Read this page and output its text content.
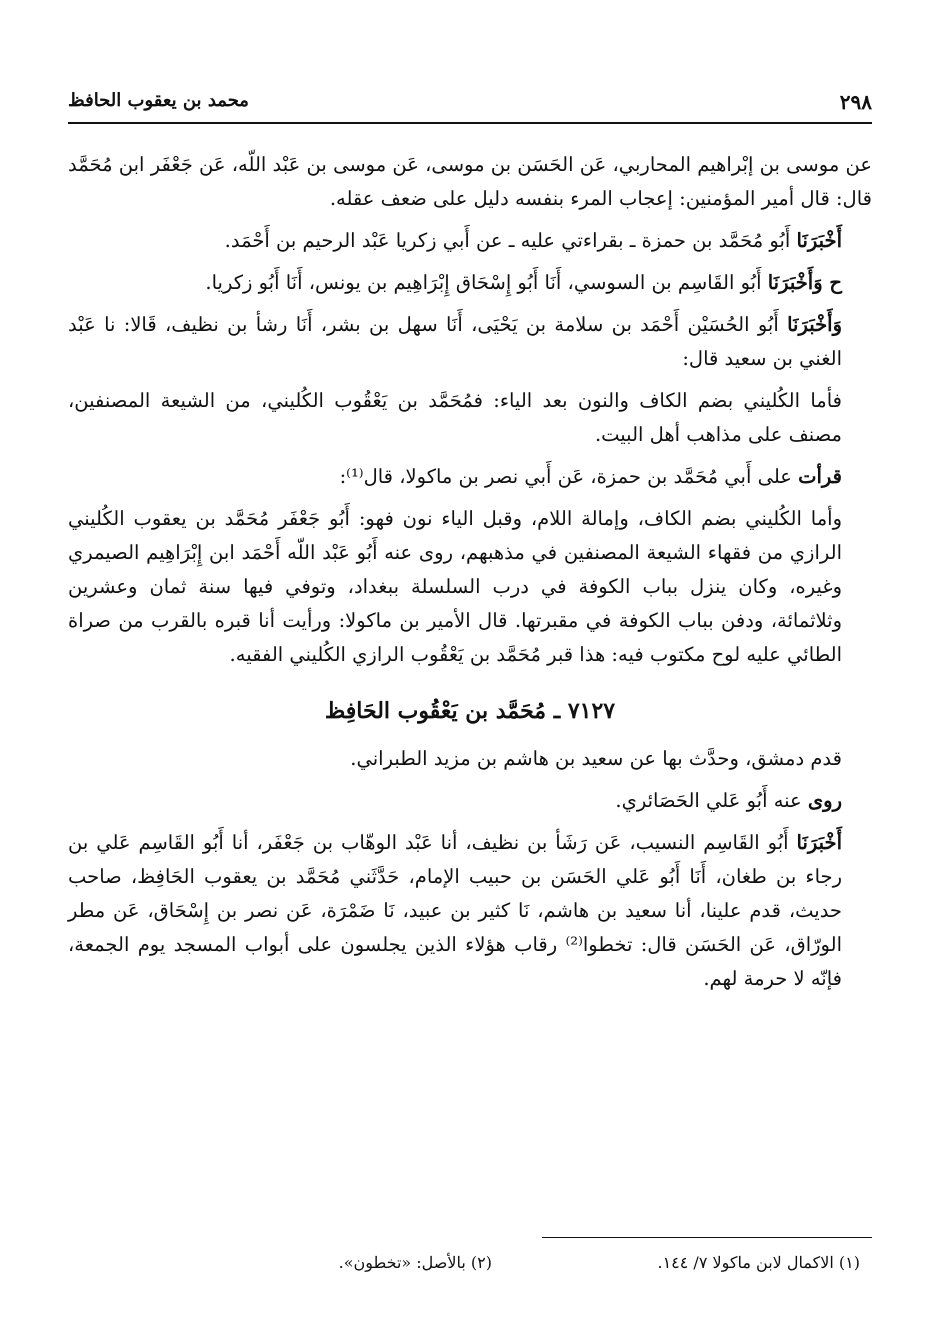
٢٩٨
محمد بن يعقوب الحافظ

عن موسى بن إبْراهيم المحاربي، عَن الحَسَن بن موسى، عَن موسى بن عَبْد اللّه، عَن جَعْفَر ابن مُحَمَّد قال: قال أمير المؤمنين: إعجاب المرء بنفسه دليل على ضعف عقله.

أَخْبَرَنَا أَبُو مُحَمَّد بن حمزة ـ بقراءتي عليه ـ عن أَبي زكريا عَبْد الرحيم بن أَحْمَد.

ح وَأَخْبَرَنَا أَبُو القَاسِم بن السوسي، أَنَا أَبُو إِسْحَاق إِبْرَاهِيم بن يونس، أَنَا أَبُو زكريا.

وَأَخْبَرَنَا أَبُو الحُسَيْن أَحْمَد بن سلامة بن يَحْيَى، أَنَا سهل بن بشر، أَنَا رشأ بن نظيف، قَالا: نا عَبْد الغني بن سعيد قال:

فأما الكُليني بضم الكاف والنون بعد الياء: فمُحَمَّد بن يَعْقُوب الكُليني، من الشيعة المصنفين، مصنف على مذاهب أهل البيت.

قرأت على أَبي مُحَمَّد بن حمزة، عَن أَبي نصر بن ماكولا، قال⁽¹⁾:

وأما الكُليني بضم الكاف، وإمالة اللام، وقبل الياء نون فهو: أَبُو جَعْفَر مُحَمَّد بن يعقوب الكُليني الرازي من فقهاء الشيعة المصنفين في مذهبهم، روى عنه أَبُو عَبْد اللّه أَحْمَد ابن إِبْرَاهِيم الصيمري وغيره، وكان ينزل بباب الكوفة في درب السلسلة ببغداد، وتوفي فيها سنة ثمان وعشرين وثلاثمائة، ودفن بباب الكوفة في مقبرتها. قال الأمير بن ماكولا: ورأيت أنا قبره بالقرب من صراة الطائي عليه لوح مكتوب فيه: هذا قبر مُحَمَّد بن يَعْقُوب الرازي الكُليني الفقيه.

٧١٢٧ ـ مُحَمَّد بن يَعْقُوب الحَافِظ

قدم دمشق، وحدَّث بها عن سعيد بن هاشم بن مزيد الطبراني.

روى عنه أَبُو عَلي الحَصَائري.

أَخْبَرَنَا أَبُو القَاسِم النسيب، عَن رَشَأ بن نظيف، أنا عَبْد الوهّاب بن جَعْفَر، أنا أَبُو القَاسِم عَلي بن رجاء بن طغان، أَنَا أَبُو عَلي الحَسَن بن حبيب الإمام، حَدَّثَني مُحَمَّد بن يعقوب الحَافِظ، صاحب حديث، قدم علينا، أنا سعيد بن هاشم، نَا كثير بن عبيد، نَا ضَمْرَة، عَن نصر بن إِسْحَاق، عَن مطر الورّاق، عَن الحَسَن قال: تخطوا⁽²⁾ رقاب هؤلاء الذين يجلسون على أبواب المسجد يوم الجمعة، فإنّه لا حرمة لهم.

(١) الاكمال لابن ماكولا ٧/ ١٤٤.
(٢) بالأصل: «تخطون».
